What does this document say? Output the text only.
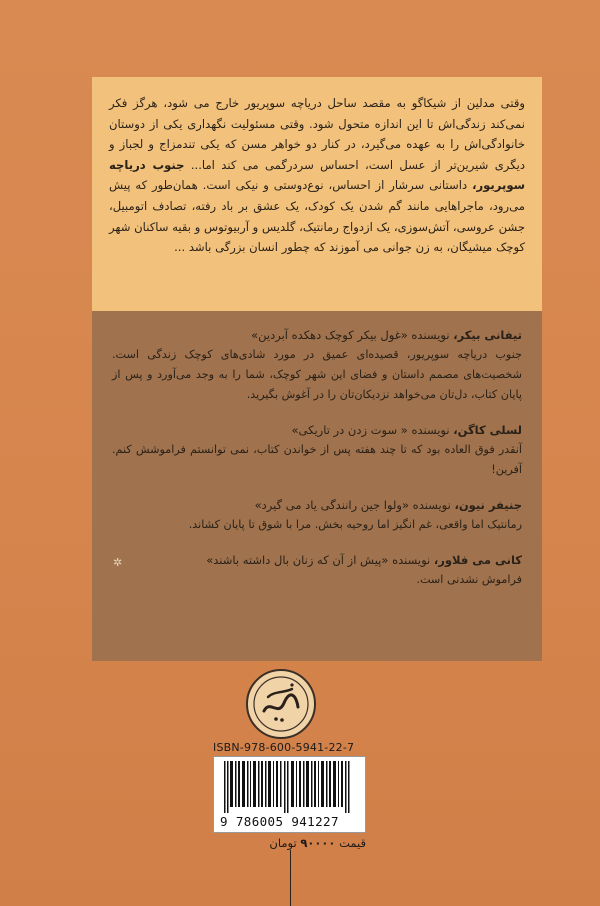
وقتی مدلین از شیکاگو به مقصد ساحل دریاچه سوپریور خارج می شود، هرگز فکر نمی‌کند زندگی‌اش تا این اندازه متحول شود. وقتی مسئولیت نگهداری یکی از دوستان خانوادگی‌اش را به عهده می‌گیرد، در کنار دو خواهر مسن که یکی تندمزاج و لجباز و دیگری شیرین‌تر از عسل است، احساس سردرگمی می کند اما... جنوب دریاچه سوپریور، داستانی سرشار از احساس، نوع‌دوستی و نیکی است. همان‌طور که پیش می‌رود، ماجراهایی مانند گم شدن یک کودک، یک عشق بر باد رفته، تصادف اتومبیل، جشن عروسی، آتش‌سوزی، یک ازدواج رمانتیک، گلدیس و آربیوتوس و بقیه ساکنان شهر کوچک میشیگان، به زن جوانی می آموزند که چطور انسان بزرگی باشد ...

تیفانی بیکر، نویسنده «غول بیکر کوچک دهکده آبردین»

جنوب دریاچه سوپریور، قصیده‌ای عمیق در مورد شادی‌های کوچک زندگی است. شخصیت‌های مصمم داستان و فضای این شهر کوچک، شما را به وجد می‌آورد و پس از پایان کتاب، دل‌تان می‌خواهد نزدیکان‌تان را در آغوش بگیرید.

لسلی کاگن، نویسنده « سوت زدن در تاریکی»

آنقدر فوق العاده بود که تا چند هفته پس از خواندن کتاب، نمی توانستم فراموشش کنم. آفرین!

جنیفر نیون، نویسنده «ولوا جین رانندگی یاد می گیرد»

رمانتیک اما واقعی، غم انگیز اما روحیه بخش. مرا با شوق تا پایان کشاند.

کانی می فلاور، نویسنده «پیش از آن که زنان بال داشته باشند»

فراموش نشدنی است.

✲
ISBN-978-600-5941-22-7
9 786005 941227
قیمت ۹۰۰۰۰ تومان
